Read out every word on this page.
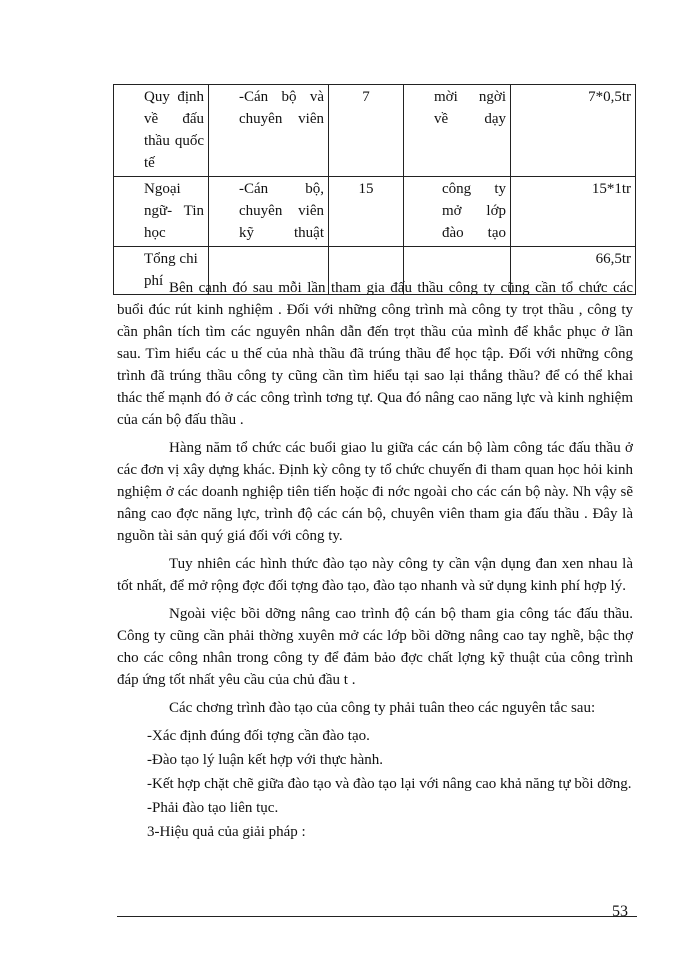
Quy định về đấu thầu quốc tế	-Cán bộ và chuyên viên	7	mời ngời về dạy	7*0,5tr
Ngoại ngữ- Tin học	-Cán bộ, chuyên viên kỹ thuật	15	công ty mở lớp đào tạo	15*1tr
Tổng chi phí				66,5tr

Bên cạnh đó sau mỗi lần tham gia đấu thầu công ty cũng cần tổ chức các buổi đúc rút kinh nghiệm . Đối với những công trình mà công ty trọt thầu , công ty cần phân tích tìm các nguyên nhân dẫn đến trọt thầu của mình để khắc phục ở lần sau. Tìm hiểu các u thế của nhà thầu đã trúng thầu để học tập. Đối với những công trình đã trúng thầu công ty cũng cần tìm hiểu tại sao lại thắng thầu? để có thể khai thác thế mạnh đó ở các công trình tơng tự. Qua đó nâng cao năng lực và kinh nghiệm của cán bộ đấu thầu .

Hàng năm tổ chức các buổi giao lu giữa các cán bộ làm công tác đấu thầu ở các đơn vị xây dựng khác. Định kỳ công ty tổ chức chuyến đi tham quan học hỏi kinh nghiệm ở các doanh nghiệp tiên tiến hoặc đi nớc ngoài cho các cán bộ này. Nh vậy sẽ nâng cao đợc năng lực, trình độ các cán bộ, chuyên viên tham gia đấu thầu . Đây là nguồn tài sản quý giá đối với công ty.

Tuy nhiên các hình thức đào tạo này công ty cần vận dụng đan xen nhau là tốt nhất, để mở rộng đợc đối tợng đào tạo, đào tạo nhanh và sử dụng kinh phí hợp lý.

Ngoài việc bồi dỡng nâng cao trình độ cán bộ tham gia công tác đấu thầu. Công ty cũng cần phải thờng xuyên mở các lớp bồi dỡng nâng cao tay nghề, bậc thợ cho các công nhân trong công ty để đảm bảo đợc chất lợng kỹ thuật của công trình đáp ứng tốt nhất yêu cầu của chủ đầu t .

Các chơng trình đào tạo của công ty phải tuân theo các nguyên tắc sau:

-Xác định đúng đối tợng cần đào tạo.

-Đào tạo lý luận kết hợp với thực hành.

-Kết hợp chặt chẽ giữa đào tạo và đào tạo lại với nâng cao khả năng tự bồi dỡng.

-Phải đào tạo liên tục.

3-Hiệu quả của giải pháp :

53
